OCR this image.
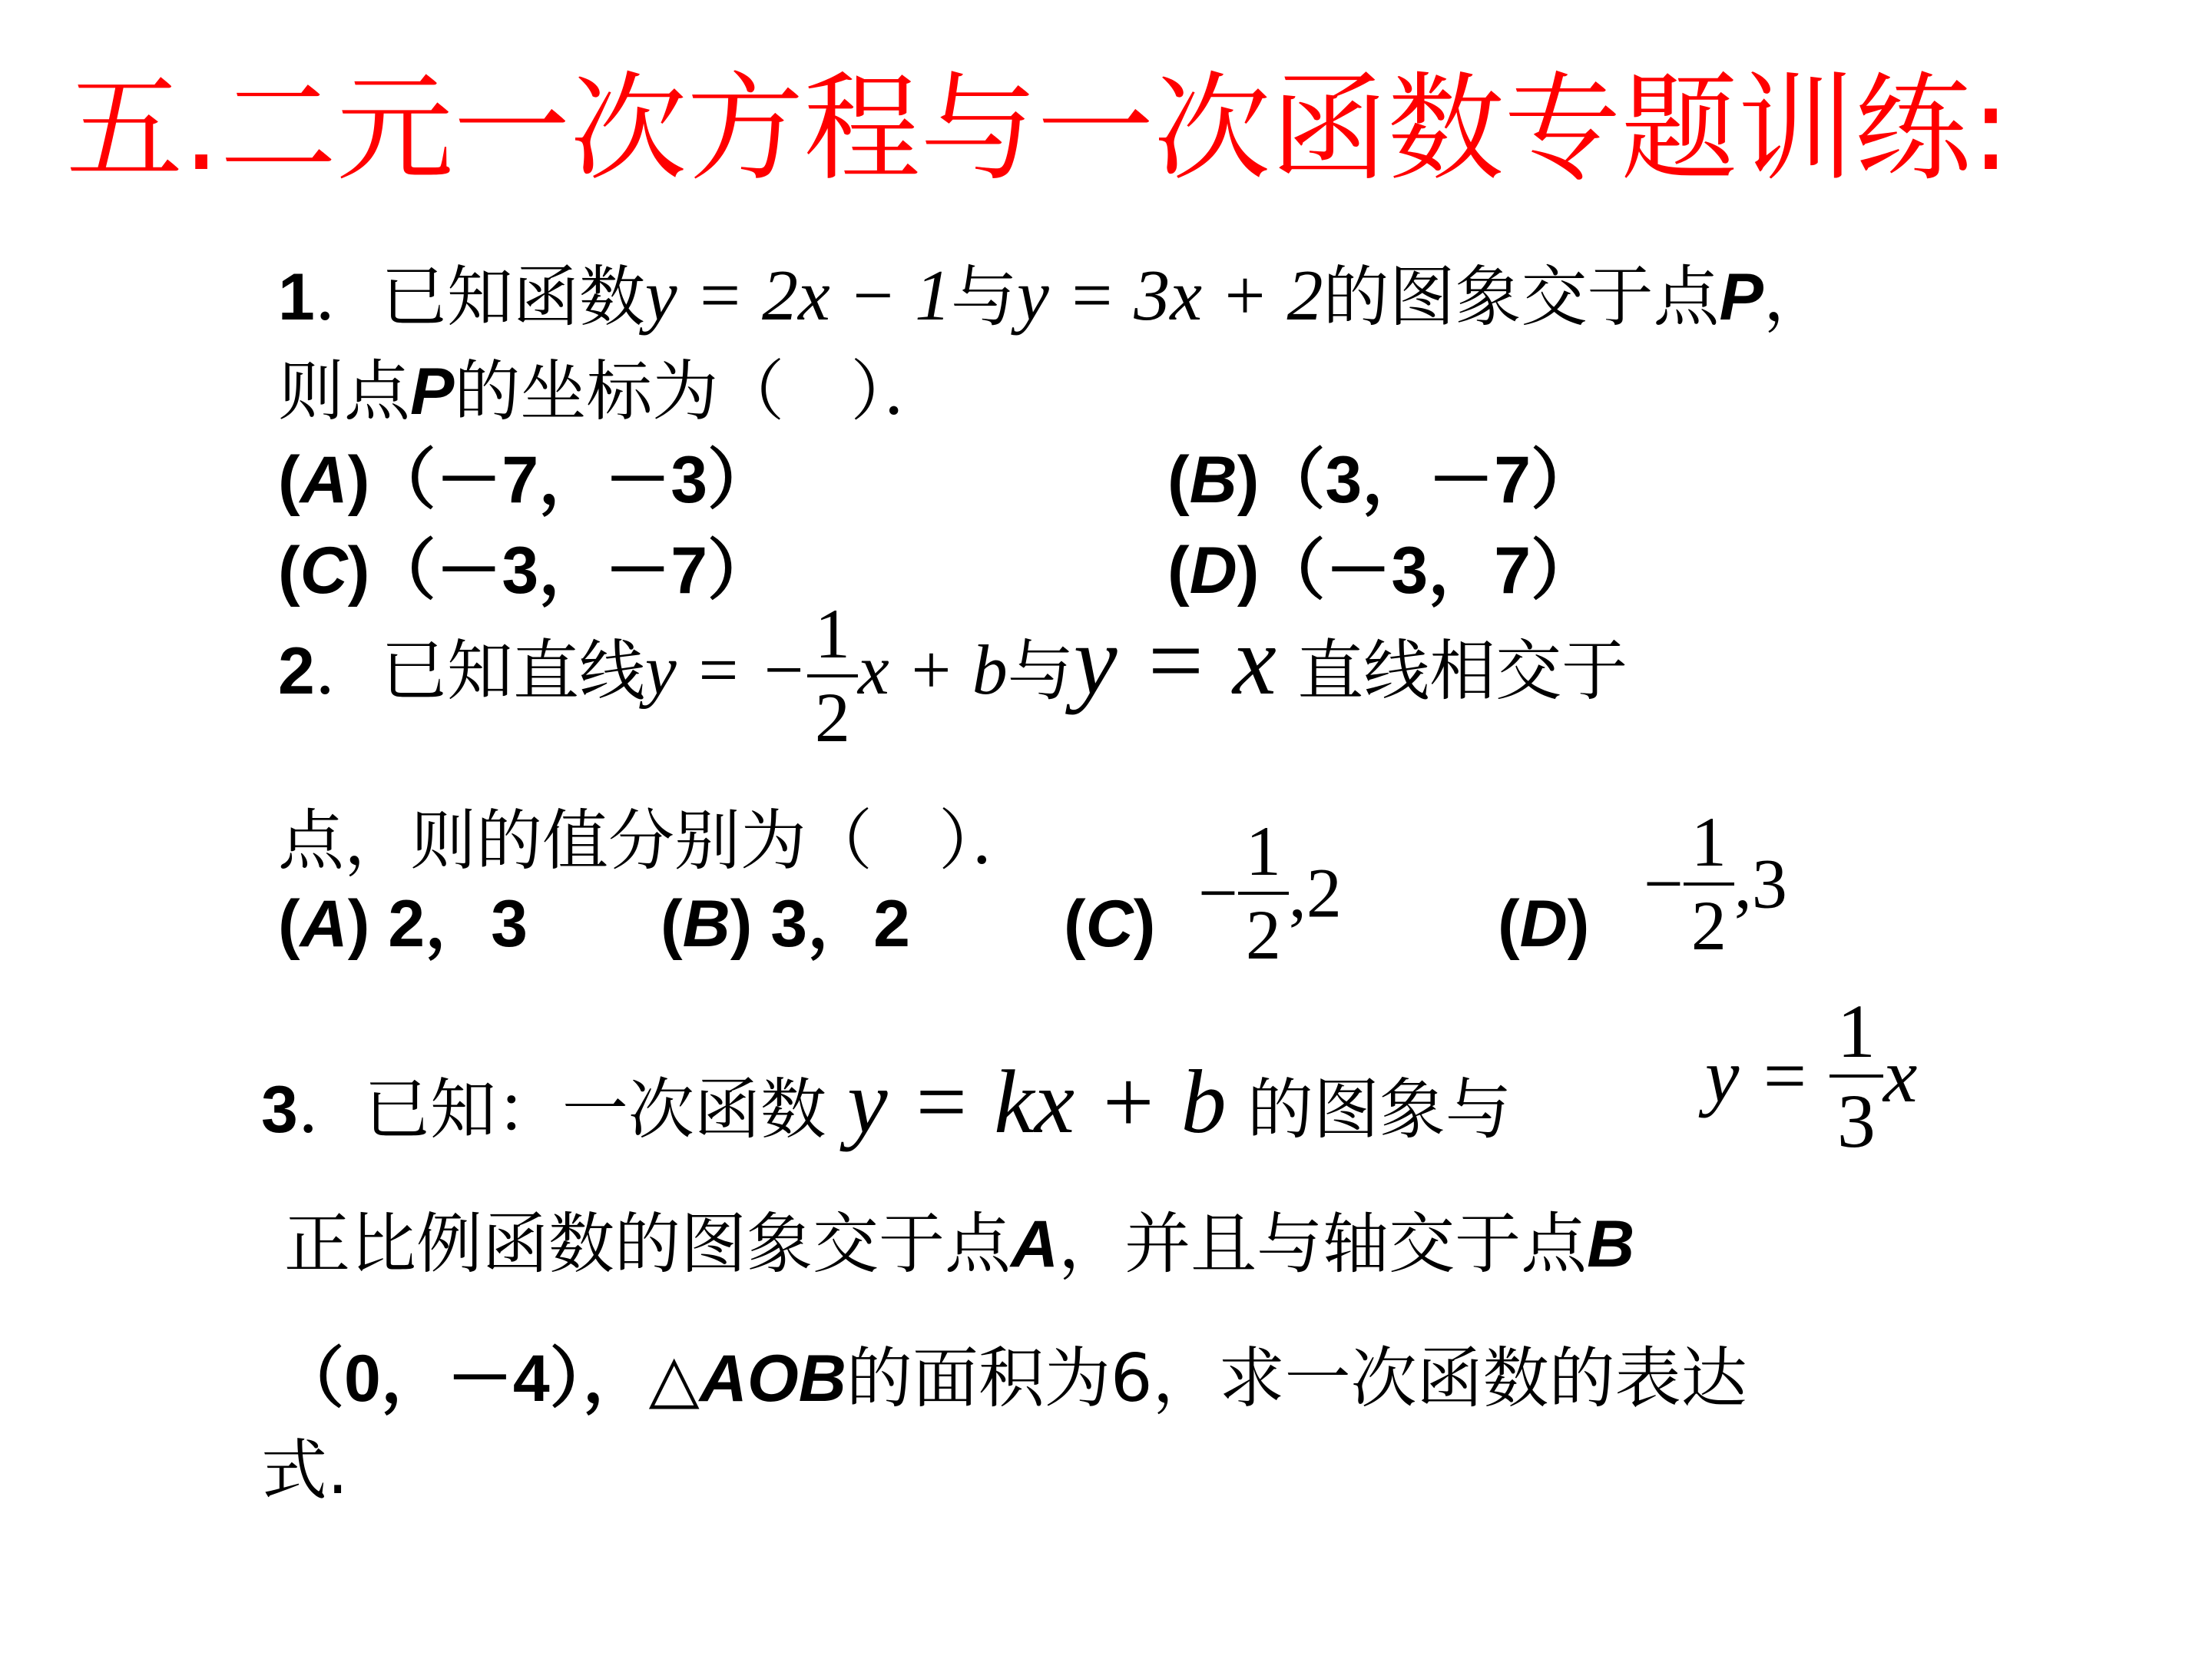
五.二元一次方程与一次函数专题训练:
1．已知函数y = 2x − 1与y = 3x + 2的图象交于点P，
则点P的坐标为（　）．
(A)（－7，－3）	(B)（3，－7）
(C)（－3，－7）	(D)（－3，7）
2．已知直线y = − $\frac{1}{2}$ x + b与y = x 直线相交于
点，则的值分别为（　）．
(A) 2，3 (B) 3，2 $(C) - \frac{1}{2} ,2$ (D)
− $\frac{1}{2} ,3$
3．已知：一次函数 y = kx + b 的图象与	$y = \frac{1}{3}$ x
正比例函数的图象交于点A，并且与轴交于点B
（0，－4），△AOB的面积为6，求一次函数的表达
式.
